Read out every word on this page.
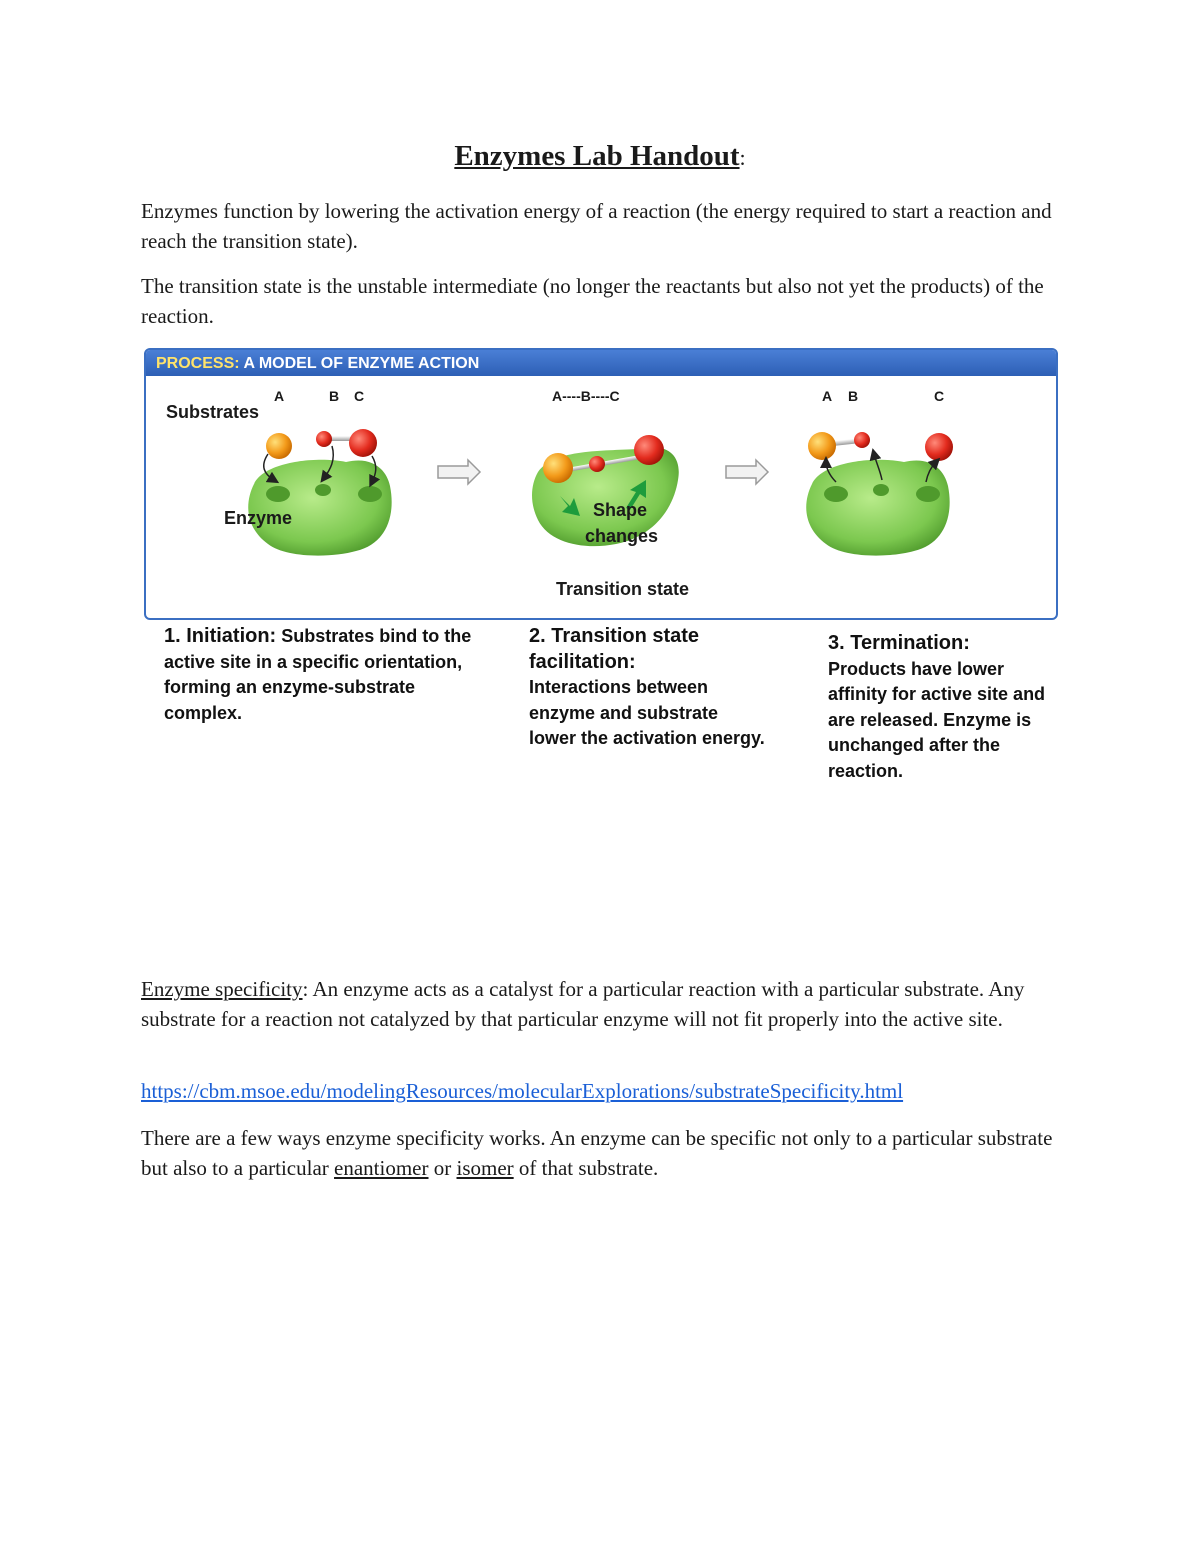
Enzymes Lab Handout:
Enzymes function by lowering the activation energy of a reaction (the energy required to start a reaction and reach the transition state).
The transition state is the unstable intermediate (no longer the reactants but also not yet the products) of the reaction.
PROCESS: A MODEL OF ENZYME ACTION
A	B C
Substrates
Enzyme
A----B----C
Shape
changes
Transition state
A B	C
1. Initiation: Substrates bind to the active site in a specific orientation, forming an enzyme-substrate complex.
2. Transition state facilitation:
Interactions between enzyme and substrate lower the activation energy.
3. Termination:
Products have lower affinity for active site and are released. Enzyme is unchanged after the reaction.
Enzyme specificity: An enzyme acts as a catalyst for a particular reaction with a particular substrate. Any substrate for a reaction not catalyzed by that particular enzyme will not fit properly into the active site.
https://cbm.msoe.edu/modelingResources/molecularExplorations/substrateSpecificity.html
There are a few ways enzyme specificity works. An enzyme can be specific not only to a particular substrate but also to a particular enantiomer or isomer of that substrate.
